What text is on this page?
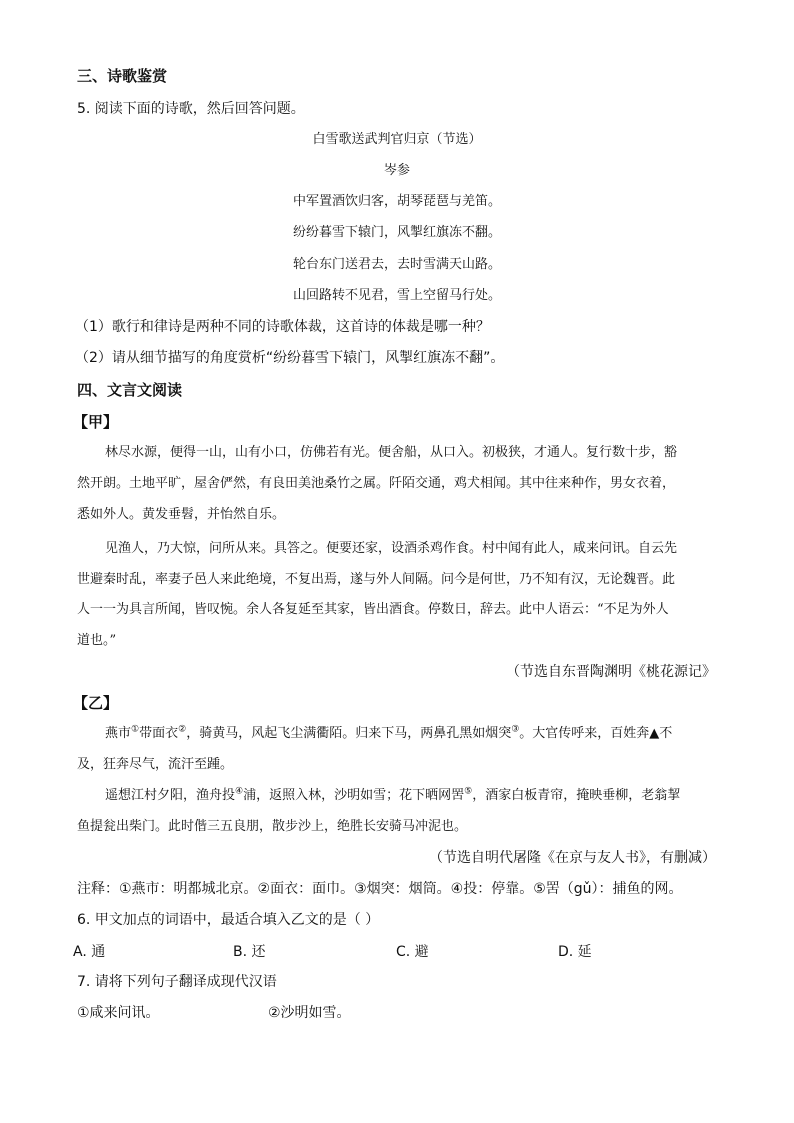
三、诗歌鉴赏
5. 阅读下面的诗歌，然后回答问题。
白雪歌送武判官归京（节选）
岑参
中军置酒饮归客，胡琴琵琶与羌笛。
纷纷暮雪下辕门，风掣红旗冻不翻。
轮台东门送君去，去时雪满天山路。
山回路转不见君，雪上空留马行处。
（1）歌行和律诗是两种不同的诗歌体裁，这首诗的体裁是哪一种？
（2）请从细节描写的角度赏析“纷纷暮雪下辕门，风掣红旗冻不翻”。
四、文言文阅读
【甲】
林尽水源，便得一山，山有小口，仿佛若有光。便舍船，从口入。初极狭，才通人。复行数十步，豁
然开朗。土地平旷，屋舍俨然，有良田美池桑竹之属。阡陌交通，鸡犬相闻。其中往来种作，男女衣着，
悉如外人。黄发垂髫，并怡然自乐。
见渔人，乃大惊，问所从来。具答之。便要还家，设酒杀鸡作食。村中闻有此人，咸来问讯。自云先
世避秦时乱，率妻子邑人来此绝境，不复出焉，遂与外人间隔。问今是何世，乃不知有汉，无论魏晋。此
人一一为具言所闻，皆叹惋。余人各复延至其家，皆出酒食。停数日，辞去。此中人语云：“不足为外人
道也。”
（节选自东晋陶渊明《桃花源记》
【乙】
燕市①带面衣②，骑黄马，风起飞尘满衢陌。归来下马，两鼻孔黑如烟突③。大官传呼来，百姓奔▲不
及，狂奔尽气，流汗至踵。
遥想江村夕阳，渔舟投④浦，返照入林，沙明如雪；花下晒网罟⑤，酒家白板青帘，掩映垂柳，老翁挈
鱼提瓮出柴门。此时偕三五良朋，散步沙上，绝胜长安骑马冲泥也。
（节选自明代屠隆《在京与友人书》，有删减）
注释：①燕市：明都城北京。②面衣：面巾。③烟突：烟筒。④投：停靠。⑤罟（gǔ）：捕鱼的网。
6. 甲文加点的词语中，最适合填入乙文的是（ ）
A. 通	B. 还	C. 避	D. 延
7. 请将下列句子翻译成现代汉语
①咸来问讯。	②沙明如雪。
